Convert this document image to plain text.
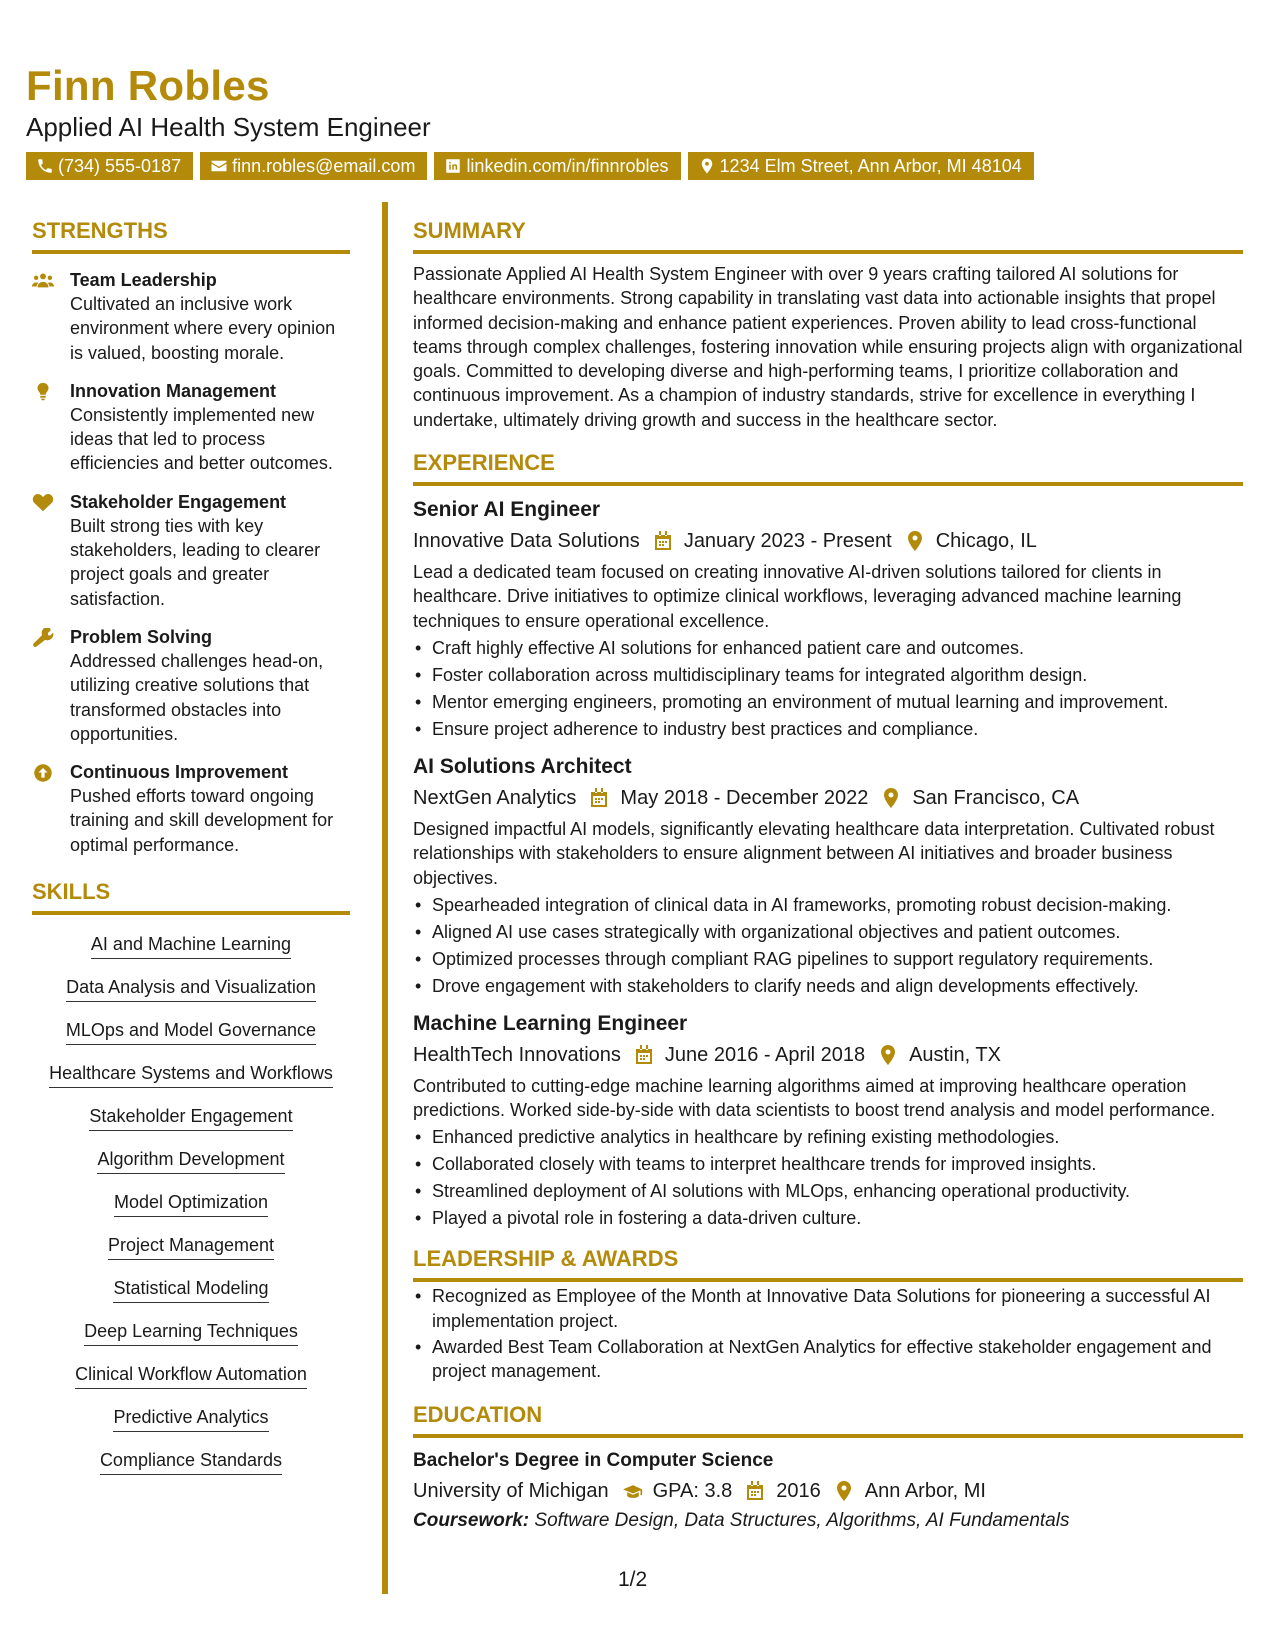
Finn Robles
Applied AI Health System Engineer
(734) 555-0187	finn.robles@email.com	linkedin.com/in/finnrobles	1234 Elm Street, Ann Arbor, MI 48104
STRENGTHS
Team Leadership
Cultivated an inclusive work environment where every opinion is valued, boosting morale.
Innovation Management
Consistently implemented new ideas that led to process efficiencies and better outcomes.
Stakeholder Engagement
Built strong ties with key stakeholders, leading to clearer project goals and greater satisfaction.
Problem Solving
Addressed challenges head-on, utilizing creative solutions that transformed obstacles into opportunities.
Continuous Improvement
Pushed efforts toward ongoing training and skill development for optimal performance.
SKILLS
AI and Machine Learning
Data Analysis and Visualization
MLOps and Model Governance
Healthcare Systems and Workflows
Stakeholder Engagement
Algorithm Development
Model Optimization
Project Management
Statistical Modeling
Deep Learning Techniques
Clinical Workflow Automation
Predictive Analytics
Compliance Standards
SUMMARY
Passionate Applied AI Health System Engineer with over 9 years crafting tailored AI solutions for healthcare environments. Strong capability in translating vast data into actionable insights that propel informed decision-making and enhance patient experiences. Proven ability to lead cross-functional teams through complex challenges, fostering innovation while ensuring projects align with organizational goals. Committed to developing diverse and high-performing teams, I prioritize collaboration and continuous improvement. As a champion of industry standards, strive for excellence in everything I undertake, ultimately driving growth and success in the healthcare sector.
EXPERIENCE
Senior AI Engineer
Innovative Data Solutions January 2023 - Present Chicago, IL
Lead a dedicated team focused on creating innovative AI-driven solutions tailored for clients in healthcare. Drive initiatives to optimize clinical workflows, leveraging advanced machine learning techniques to ensure operational excellence.
• Craft highly effective AI solutions for enhanced patient care and outcomes.
• Foster collaboration across multidisciplinary teams for integrated algorithm design.
• Mentor emerging engineers, promoting an environment of mutual learning and improvement.
• Ensure project adherence to industry best practices and compliance.
AI Solutions Architect
NextGen Analytics May 2018 - December 2022 San Francisco, CA
Designed impactful AI models, significantly elevating healthcare data interpretation. Cultivated robust relationships with stakeholders to ensure alignment between AI initiatives and broader business objectives.
• Spearheaded integration of clinical data in AI frameworks, promoting robust decision-making.
• Aligned AI use cases strategically with organizational objectives and patient outcomes.
• Optimized processes through compliant RAG pipelines to support regulatory requirements.
• Drove engagement with stakeholders to clarify needs and align developments effectively.
Machine Learning Engineer
HealthTech Innovations June 2016 - April 2018 Austin, TX
Contributed to cutting-edge machine learning algorithms aimed at improving healthcare operation predictions. Worked side-by-side with data scientists to boost trend analysis and model performance.
• Enhanced predictive analytics in healthcare by refining existing methodologies.
• Collaborated closely with teams to interpret healthcare trends for improved insights.
• Streamlined deployment of AI solutions with MLOps, enhancing operational productivity.
• Played a pivotal role in fostering a data-driven culture.
LEADERSHIP & AWARDS
• Recognized as Employee of the Month at Innovative Data Solutions for pioneering a successful AI implementation project.
• Awarded Best Team Collaboration at NextGen Analytics for effective stakeholder engagement and project management.
EDUCATION
Bachelor's Degree in Computer Science
University of Michigan GPA: 3.8 2016 Ann Arbor, MI
Coursework: Software Design, Data Structures, Algorithms, AI Fundamentals
1/2
